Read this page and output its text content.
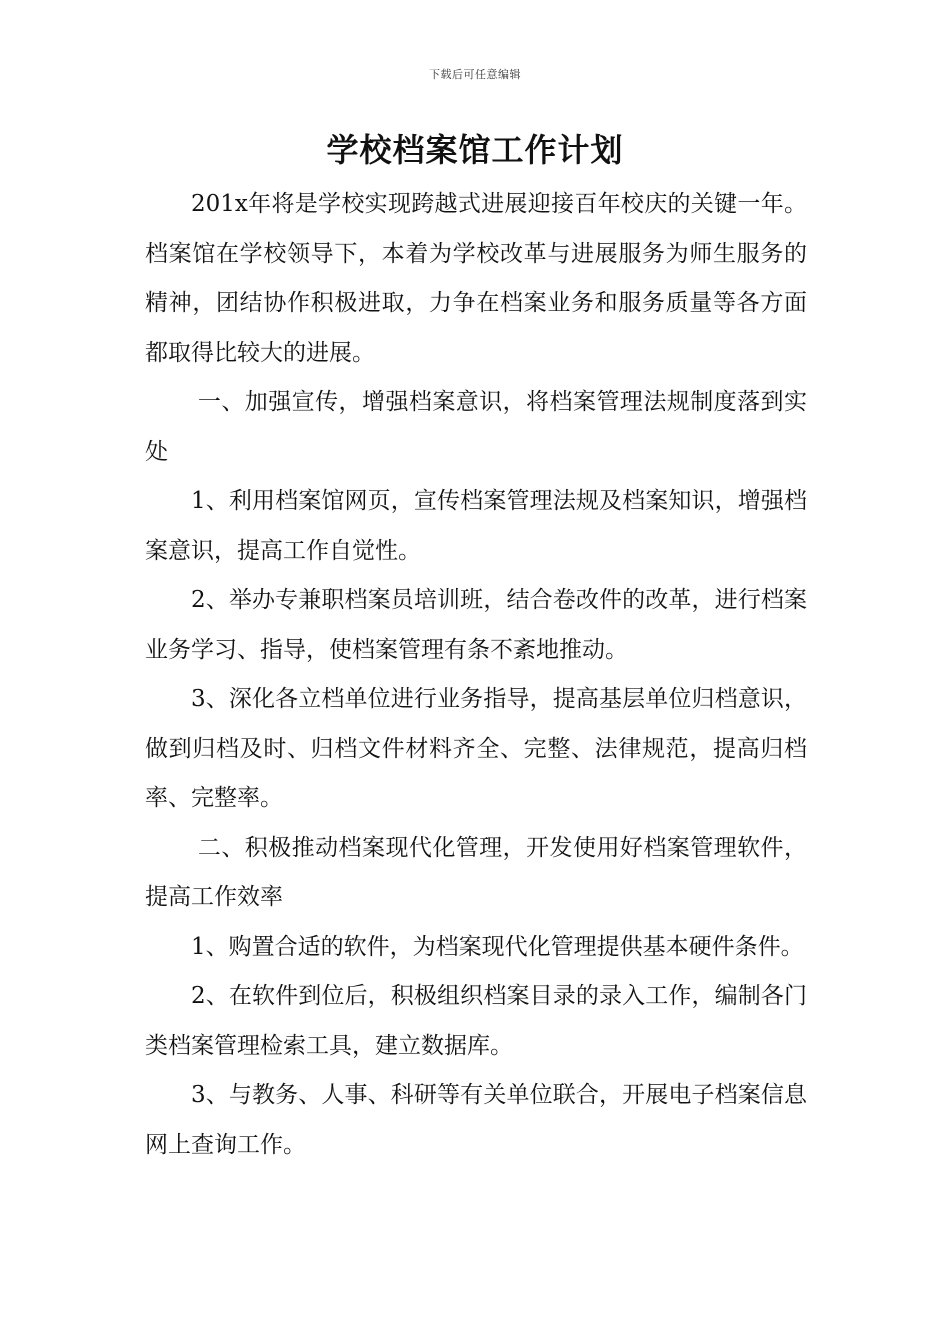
下载后可任意编辑
学校档案馆工作计划

201x年将是学校实现跨越式进展迎接百年校庆的关键一年。档案馆在学校领导下，本着为学校改革与进展服务为师生服务的精神，团结协作积极进取，力争在档案业务和服务质量等各方面都取得比较大的进展。

一、加强宣传，增强档案意识，将档案管理法规制度落到实处

1、利用档案馆网页，宣传档案管理法规及档案知识，增强档案意识，提高工作自觉性。

2、举办专兼职档案员培训班，结合卷改件的改革，进行档案业务学习、指导，使档案管理有条不紊地推动。

3、深化各立档单位进行业务指导，提高基层单位归档意识，做到归档及时、归档文件材料齐全、完整、法律规范，提高归档率、完整率。

二、积极推动档案现代化管理，开发使用好档案管理软件，提高工作效率

1、购置合适的软件，为档案现代化管理提供基本硬件条件。

2、在软件到位后，积极组织档案目录的录入工作，编制各门类档案管理检索工具，建立数据库。

3、与教务、人事、科研等有关单位联合，开展电子档案信息网上查询工作。
